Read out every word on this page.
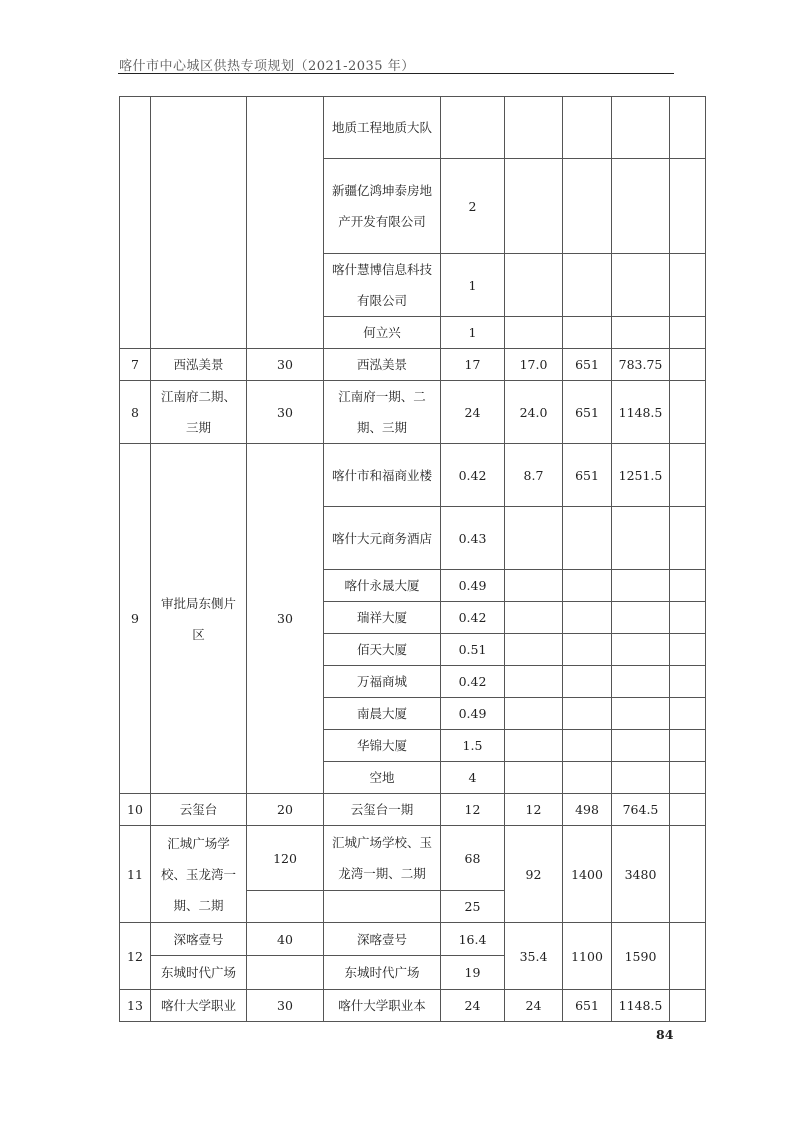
喀什市中心城区供热专项规划（2021-2035 年）
			地质工程地质大队					
			新疆亿鸿坤泰房地产开发有限公司	2				
			喀什慧博信息科技有限公司	1				
			何立兴	1				
7	西泓美景	30	西泓美景	17	17.0	651	783.75	
8	江南府二期、三期	30	江南府一期、二期、三期	24	24.0	651	1148.5	
9	审批局东侧片区	30	喀什市和福商业楼	0.42	8.7	651	1251.5	
			喀什大元商务酒店	0.43				
			喀什永晟大厦	0.49				
			瑞祥大厦	0.42				
			佰天大厦	0.51				
			万福商城	0.42				
			南晨大厦	0.49				
			华锦大厦	1.5				
			空地	4				
10	云玺台	20	云玺台一期	12	12	498	764.5	
11	汇城广场学校、玉龙湾一期、二期	120	汇城广场学校、玉龙湾一期、二期	68	92	1400	3480	
				25				
12	深喀壹号	40	深喀壹号	16.4	35.4	1100	1590	
	东城时代广场		东城时代广场	19				
13	喀什大学职业	30	喀什大学职业本	24	24	651	1148.5	
84
